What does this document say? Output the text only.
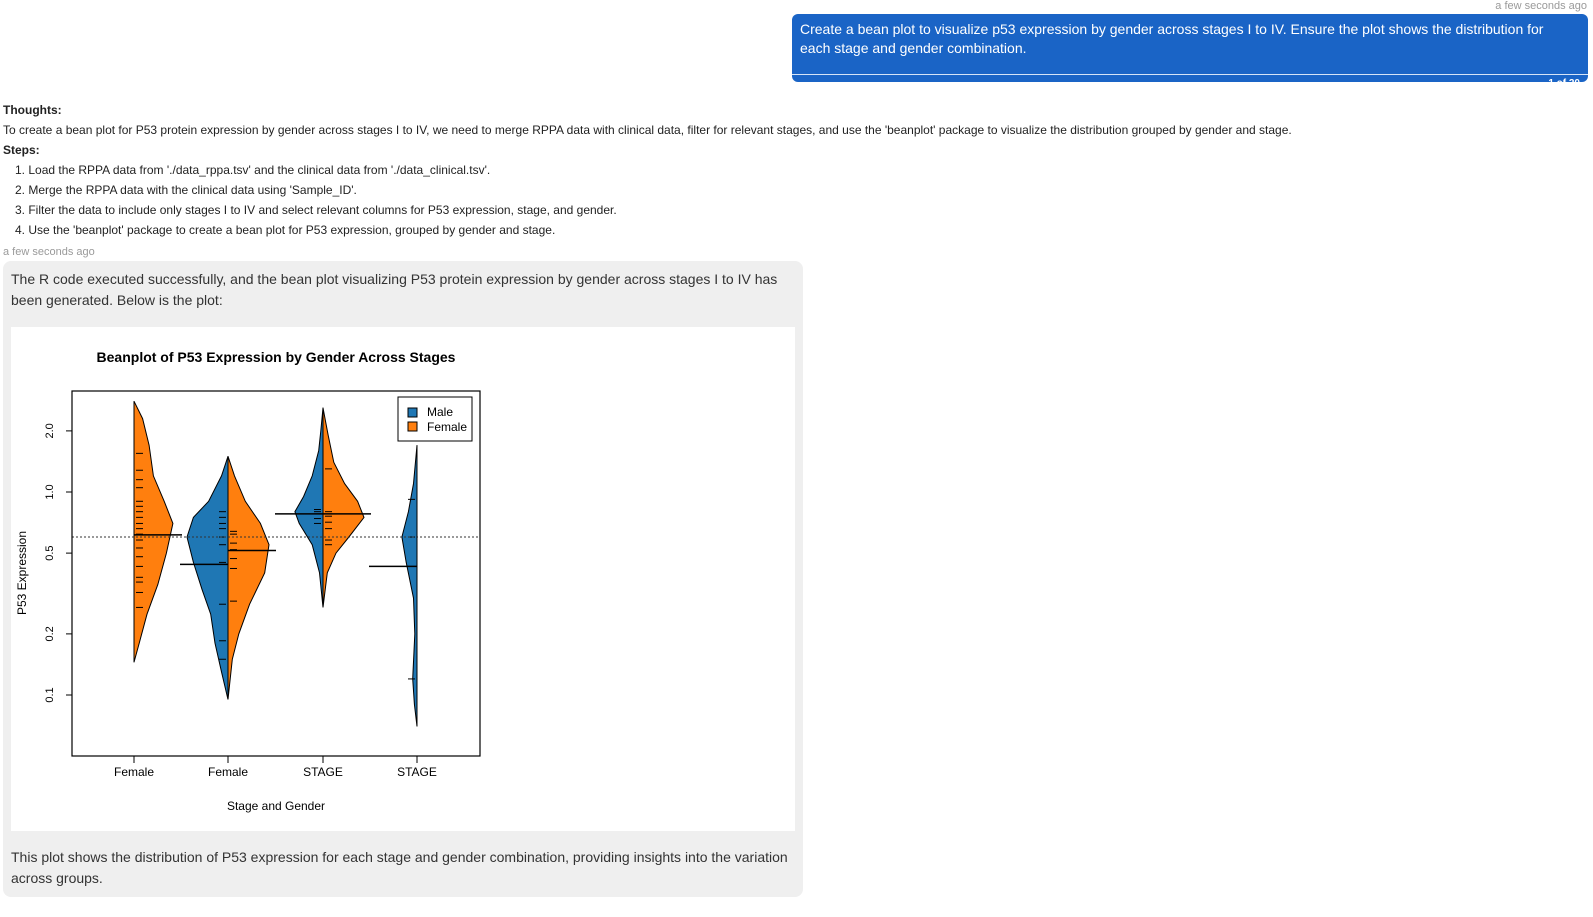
a few seconds ago
Create a bean plot to visualize p53 expression by gender across stages I to IV. Ensure the plot shows the distribution for each stage and gender combination.
1 of 20
Thoughts:
To create a bean plot for P53 protein expression by gender across stages I to IV, we need to merge RPPA data with clinical data, filter for relevant stages, and use the 'beanplot' package to visualize the distribution grouped by gender and stage.
Steps:
1. Load the RPPA data from './data_rppa.tsv' and the clinical data from './data_clinical.tsv'.
2. Merge the RPPA data with the clinical data using 'Sample_ID'.
3. Filter the data to include only stages I to IV and select relevant columns for P53 expression, stage, and gender.
4. Use the 'beanplot' package to create a bean plot for P53 expression, grouped by gender and stage.
a few seconds ago
The R code executed successfully, and the bean plot visualizing P53 protein expression by gender across stages I to IV has been generated. Below is the plot:
Beanplot of P53 Expression by Gender Across Stages
0.1
0.2
0.5
1.0
2.0
Female	Female	STAGE	STAGE
P53 Expression
Stage and Gender
Male
Female
This plot shows the distribution of P53 expression for each stage and gender combination, providing insights into the variation across groups.
